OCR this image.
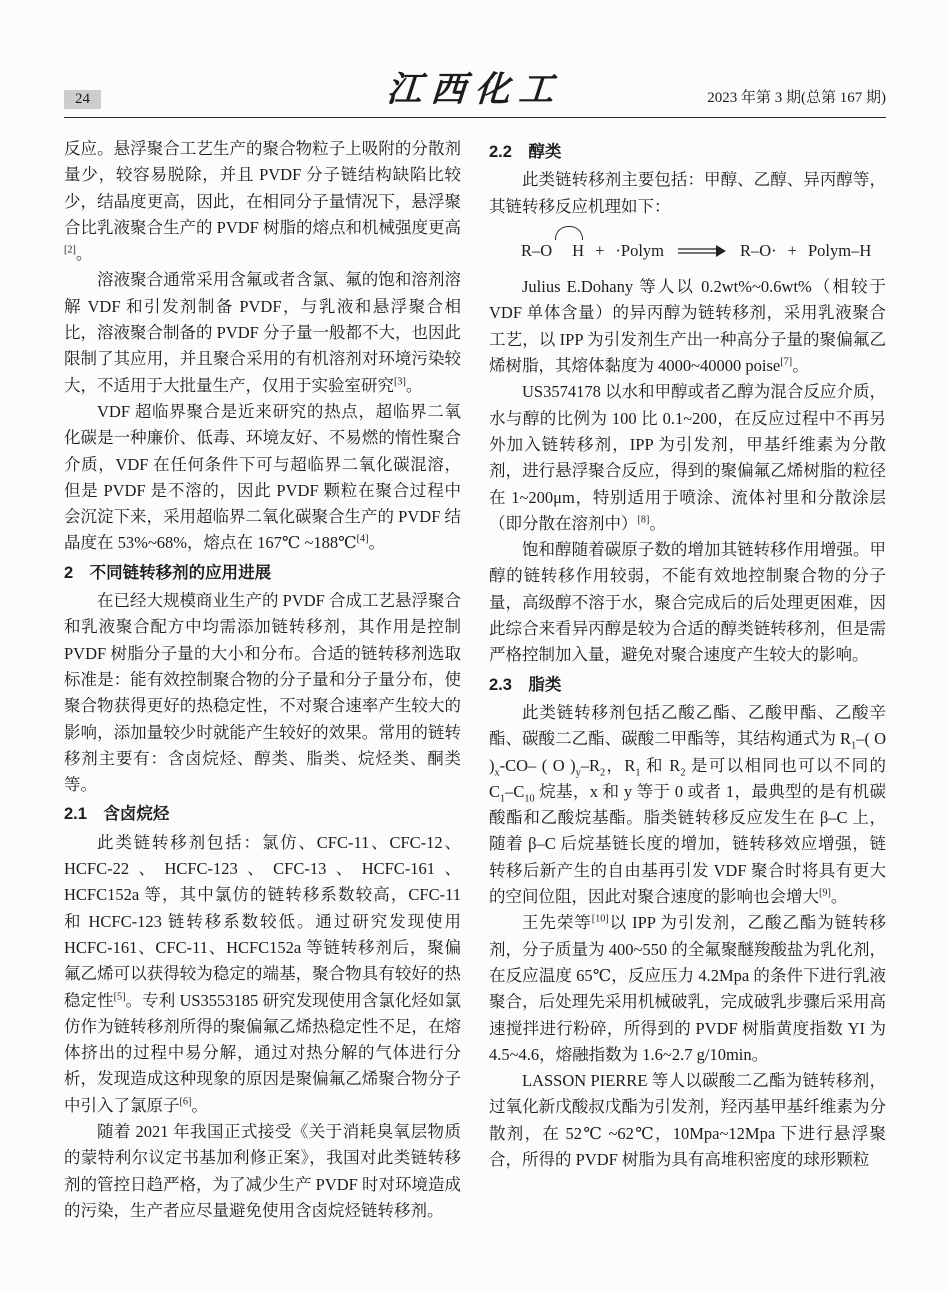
24	江西化工	2023 年第 3 期(总第 167 期)

反应。悬浮聚合工艺生产的聚合物粒子上吸附的分散剂量少，较容易脱除，并且 PVDF 分子链结构缺陷比较少，结晶度更高，因此，在相同分子量情况下，悬浮聚合比乳液聚合生产的 PVDF 树脂的熔点和机械强度更高[2]。

溶液聚合通常采用含氟或者含氯、氟的饱和溶剂溶解 VDF 和引发剂制备 PVDF，与乳液和悬浮聚合相比，溶液聚合制备的 PVDF 分子量一般都不大，也因此限制了其应用，并且聚合采用的有机溶剂对环境污染较大，不适用于大批量生产，仅用于实验室研究[3]。

VDF 超临界聚合是近来研究的热点，超临界二氧化碳是一种廉价、低毒、环境友好、不易燃的惰性聚合介质，VDF 在任何条件下可与超临界二氧化碳混溶，但是 PVDF 是不溶的，因此 PVDF 颗粒在聚合过程中会沉淀下来，采用超临界二氧化碳聚合生产的 PVDF 结晶度在 53%~68%，熔点在 167℃ ~188℃[4]。

2　不同链转移剂的应用进展

在已经大规模商业生产的 PVDF 合成工艺悬浮聚合和乳液聚合配方中均需添加链转移剂，其作用是控制 PVDF 树脂分子量的大小和分布。合适的链转移剂选取标准是：能有效控制聚合物的分子量和分子量分布，使聚合物获得更好的热稳定性，不对聚合速率产生较大的影响，添加量较少时就能产生较好的效果。常用的链转移剂主要有：含卤烷烃、醇类、脂类、烷烃类、酮类等。

2.1　含卤烷烃

此类链转移剂包括：氯仿、CFC-11、CFC-12、HCFC-22、HCFC-123、CFC-13、HCFC-161、HCFC152a 等，其中氯仿的链转移系数较高，CFC-11 和 HCFC-123 链转移系数较低。通过研究发现使用 HCFC-161、CFC-11、HCFC152a 等链转移剂后，聚偏氟乙烯可以获得较为稳定的端基，聚合物具有较好的热稳定性[5]。专利 US3553185 研究发现使用含氯化烃如氯仿作为链转移剂所得的聚偏氟乙烯热稳定性不足，在熔体挤出的过程中易分解，通过对热分解的气体进行分析，发现造成这种现象的原因是聚偏氟乙烯聚合物分子中引入了氯原子[6]。

随着 2021 年我国正式接受《关于消耗臭氧层物质的蒙特利尔议定书基加利修正案》，我国对此类链转移剂的管控日趋严格，为了减少生产 PVDF 时对环境造成的污染，生产者应尽量避免使用含卤烷烃链转移剂。

2.2　醇类

此类链转移剂主要包括：甲醇、乙醇、异丙醇等，其链转移反应机理如下：

R–O H + ·Polym	R–O· + Polym–H

Julius E.Dohany 等人以 0.2wt%~0.6wt%（相较于 VDF 单体含量）的异丙醇为链转移剂，采用乳液聚合工艺，以 IPP 为引发剂生产出一种高分子量的聚偏氟乙烯树脂，其熔体黏度为 4000~40000 poise[7]。

US3574178 以水和甲醇或者乙醇为混合反应介质，水与醇的比例为 100 比 0.1~200，在反应过程中不再另外加入链转移剂，IPP 为引发剂，甲基纤维素为分散剂，进行悬浮聚合反应，得到的聚偏氟乙烯树脂的粒径在 1~200μm，特别适用于喷涂、流体衬里和分散涂层（即分散在溶剂中）[8]。

饱和醇随着碳原子数的增加其链转移作用增强。甲醇的链转移作用较弱，不能有效地控制聚合物的分子量，高级醇不溶于水，聚合完成后的后处理更困难，因此综合来看异丙醇是较为合适的醇类链转移剂，但是需严格控制加入量，避免对聚合速度产生较大的影响。

2.3　脂类

此类链转移剂包括乙酸乙酯、乙酸甲酯、乙酸辛酯、碳酸二乙酯、碳酸二甲酯等，其结构通式为 $R_1-$( O )$_x-CO-$ ( O )$_y-R_2$，$R_1$ 和 $R_2$ 是可以相同也可以不同的 $C_1-C_{10}$ 烷基，x 和 y 等于 0 或者 1，最典型的是有机碳酸酯和乙酸烷基酯。脂类链转移反应发生在 β–C 上，随着 β–C 后烷基链长度的增加，链转移效应增强，链转移后新产生的自由基再引发 VDF 聚合时将具有更大的空间位阻，因此对聚合速度的影响也会增大[9]。

王先荣等[10]以 IPP 为引发剂，乙酸乙酯为链转移剂，分子质量为 400~550 的全氟聚醚羧酸盐为乳化剂，在反应温度 65℃，反应压力 4.2Mpa 的条件下进行乳液聚合，后处理先采用机械破乳，完成破乳步骤后采用高速搅拌进行粉碎，所得到的 PVDF 树脂黄度指数 YI 为 4.5~4.6，熔融指数为 1.6~2.7 g/10min。

LASSON PIERRE 等人以碳酸二乙酯为链转移剂，过氧化新戊酸叔戊酯为引发剂，羟丙基甲基纤维素为分散剂，在 52℃ ~62℃，10Mpa~12Mpa 下进行悬浮聚合，所得的 PVDF 树脂为具有高堆积密度的球形颗粒
